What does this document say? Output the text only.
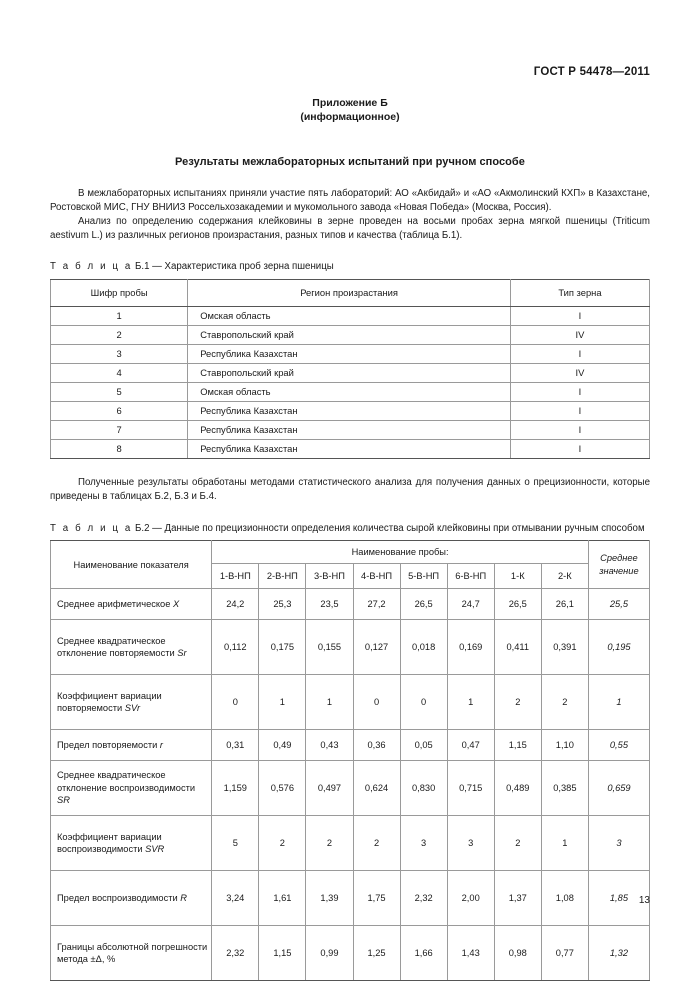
ГОСТ Р 54478—2011
Приложение Б
(информационное)
Результаты межлабораторных испытаний при ручном способе

В межлабораторных испытаниях приняли участие пять лабораторий: АО «Акбидай» и «АО «Акмолинский КХП» в Казахстане, Ростовской МИС, ГНУ ВНИИЗ Россельхозакадемии и мукомольного завода «Новая Победа» (Москва, Россия).

Анализ по определению содержания клейковины в зерне проведен на восьми пробах зерна мягкой пшеницы (Triticum aestivum L.) из различных регионов произрастания, разных типов и качества (таблица Б.1).

Т а б л и ц а Б.1 — Характеристика проб зерна пшеницы
Шифр пробы	Регион произрастания	Тип зерна
1	Омская область	I
2	Ставропольский край	IV
3	Республика Казахстан	I
4	Ставропольский край	IV
5	Омская область	I
6	Республика Казахстан	I
7	Республика Казахстан	I
8	Республика Казахстан	I

Полученные результаты обработаны методами статистического анализа для получения данных о прецизионности, которые приведены в таблицах Б.2, Б.3 и Б.4.

Т а б л и ц а Б.2 — Данные по прецизионности определения количества сырой клейковины при отмывании ручным способом
Наименование показателя	Наименование пробы:								Среднее
значение

	1-В-НП	2-В-НП	3-В-НП	4-В-НП	5-В-НП	6-В-НП	1-К	2-К	
Среднее арифметическое X	24,2	25,3	23,5	27,2	26,5	24,7	26,5	26,1	25,5
Среднее квадратическое отклонение повторяемости Sr	0,112	0,175	0,155	0,127	0,018	0,169	0,411	0,391	0,195
Коэффициент вариации повторяемости SVr	0	1	1	0	0	1	2	2	1
Предел повторяемости r	0,31	0,49	0,43	0,36	0,05	0,47	1,15	1,10	0,55
Среднее квадратическое отклонение воспроизводимости SR	1,159	0,576	0,497	0,624	0,830	0,715	0,489	0,385	0,659
Коэффициент вариации воспроизводимости SVR	5	2	2	2	3	3	2	1	3
Предел воспроизводимости R	3,24	1,61	1,39	1,75	2,32	2,00	1,37	1,08	1,85
Границы абсолютной погрешности метода ±Δ, %	2,32	1,15	0,99	1,25	1,66	1,43	0,98	0,77	1,32
13
